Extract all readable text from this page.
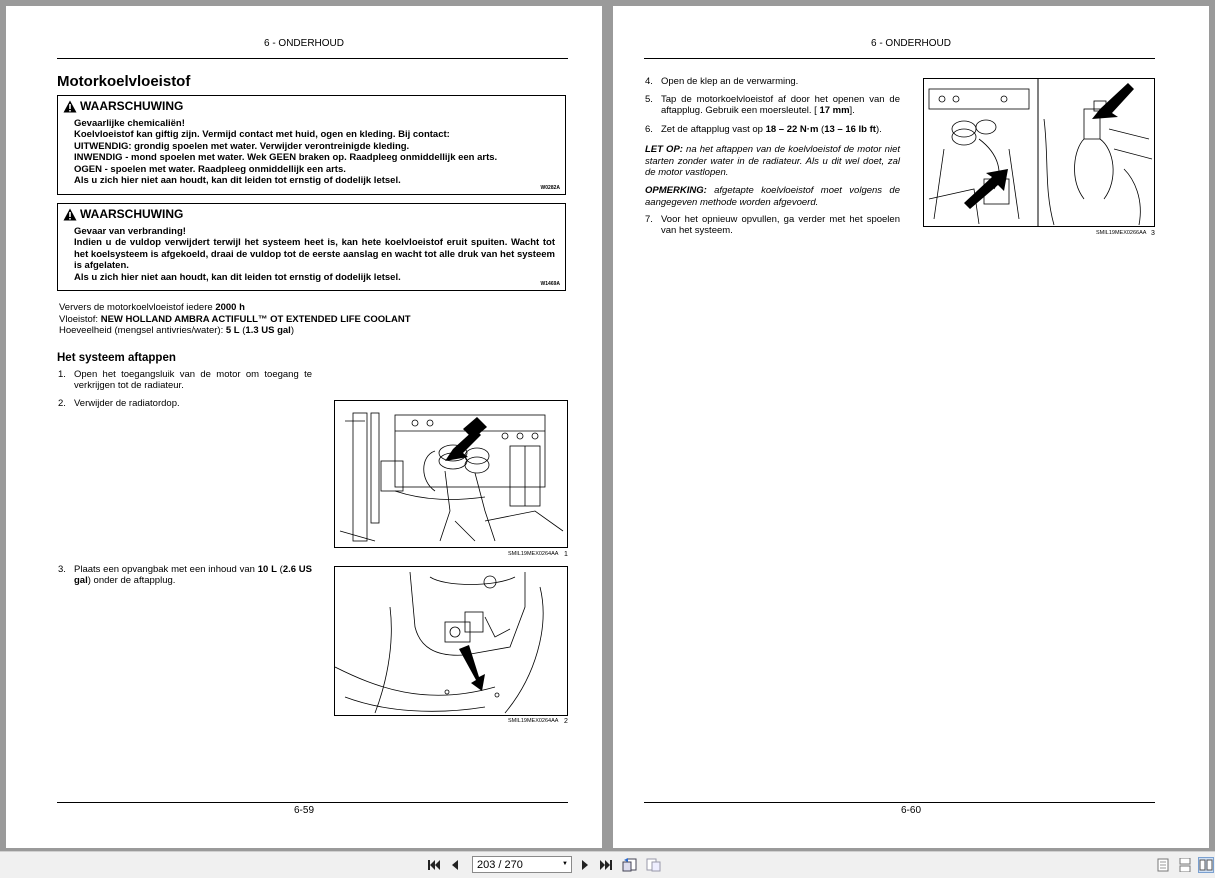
6 - ONDERHOUD
Motorkoelvloeistof
WAARSCHUWING
Gevaarlijke chemicaliën!
Koelvloeistof kan giftig zijn. Vermijd contact met huid, ogen en kleding. Bij contact:
UITWENDIG: grondig spoelen met water. Verwijder verontreinigde kleding.
INWENDIG - mond spoelen met water. Wek GEEN braken op. Raadpleeg onmiddellijk een arts.
OGEN - spoelen met water. Raadpleeg onmiddellijk een arts.
Als u zich hier niet aan houdt, kan dit leiden tot ernstig of dodelijk letsel.
W0282A
WAARSCHUWING
Gevaar van verbranding!
Indien u de vuldop verwijdert terwijl het systeem heet is, kan hete koelvloeistof eruit spuiten. Wacht tot het koelsysteem is afgekoeld, draai de vuldop tot de eerste aanslag en wacht tot alle druk van het systeem is afgelaten.
Als u zich hier niet aan houdt, kan dit leiden tot ernstig of dodelijk letsel.
W1469A
Ververs de motorkoelvloeistof iedere 2000 h
Vloeistof: NEW HOLLAND AMBRA ACTIFULL™ OT EXTENDED LIFE COOLANT
Hoeveelheid (mengsel antivries/water): 5 L (1.3 US gal)
Het systeem aftappen
1. Open het toegangsluik van de motor om toegang te verkrijgen tot de radiateur.
2. Verwijder de radiatordop.
SMIL19MEX0264AA 1
3. Plaats een opvangbak met een inhoud van 10 L (2.6 US gal) onder de aftapplug.
SMIL19MEX0264AA 2
6-59
6 - ONDERHOUD
4. Open de klep an de verwarming.
5. Tap de motorkoelvloeistof af door het openen van de aftapplug. Gebruik een moersleutel. [ 17 mm].
6. Zet de aftapplug vast op 18 – 22 N·m (13 – 16 lb ft).
LET OP: na het aftappen van de koelvloeistof de motor niet starten zonder water in de radiateur. Als u dit wel doet, zal de motor vastlopen.
OPMERKING: afgetapte koelvloeistof moet volgens de aangegeven methode worden afgevoerd.
7. Voor het opnieuw opvullen, ga verder met het spoelen van het systeem.	SMIL19MEX0266AA 3
6-60
203 / 270	▼
